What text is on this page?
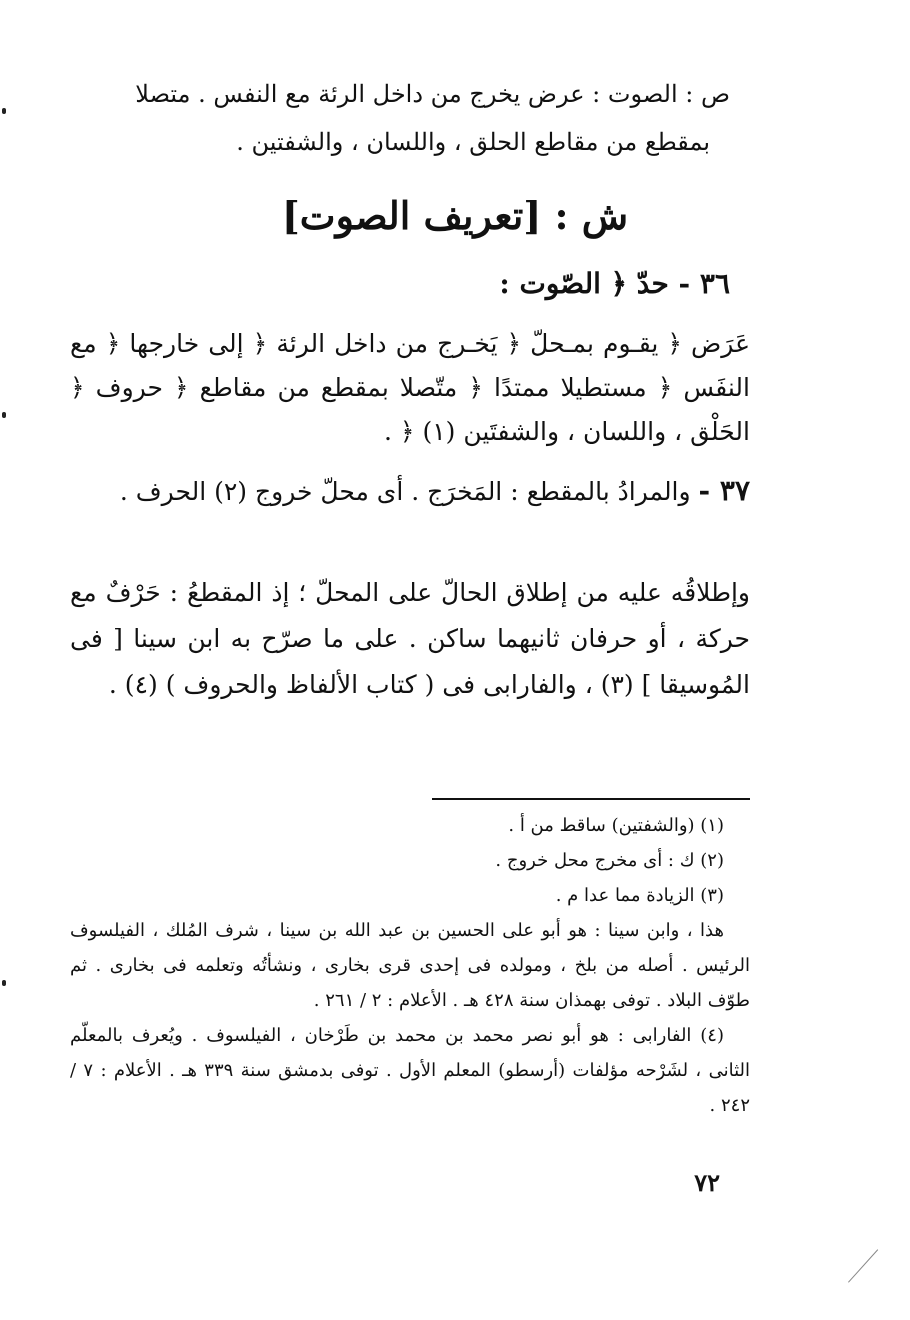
ص : الصوت : عرض يخرج من داخل الرئة مع النفس . متصلا
بمقطع من مقاطع الحلق ، واللسان ، والشفتين .
ش : [تعريف الصوت]
٣٦ - حدّ ﴿ الصّوت :
عَرَض ﴿ يقـوم بمـحلّ ﴿ يَخـرج من داخل الرئة ﴿ إلى خارجها ﴿ مع النفَس ﴿ مستطيلا ممتدًا ﴿ متّصلا بمقطع من مقاطع ﴿ حروف ﴿ الحَلْق ، واللسان ، والشفتَين (١) ﴿ .
٣٧ - والمرادُ بالمقطع : المَخرَج . أى محلّ خروج (٢) الحرف .
وإطلاقُه عليه من إطلاق الحالّ على المحلّ ؛ إذ المقطعُ : حَرْفٌ مع حركة ، أو حرفان ثانيهما ساكن . على ما صرّح به ابن سينا [ فى المُوسيقا ] (٣) ، والفارابى فى ( كتاب الألفاظ والحروف ) (٤) .

(١) (والشفتين) ساقط من أ .

(٢) ك : أى مخرج محل خروج .

(٣) الزيادة مما عدا م .

هذا ، وابن سينا : هو أبو على الحسين بن عبد الله بن سينا ، شرف المُلك ، الفيلسوف الرئيس . أصله من بلخ ، ومولده فى إحدى قرى بخارى ، ونشأتُه وتعلمه فى بخارى . ثم طوّف البلاد . توفى بهمذان سنة ٤٢٨ هـ . الأعلام : ٢ / ٢٦١ .

(٤) الفارابى : هو أبو نصر محمد بن محمد بن طَرْخان ، الفيلسوف . ويُعرف بالمعلّم الثانى ، لشَرْحه مؤلفات (أرسطو) المعلم الأول . توفى بدمشق سنة ٣٣٩ هـ . الأعلام : ٧ / ٢٤٢ .

٧٢
